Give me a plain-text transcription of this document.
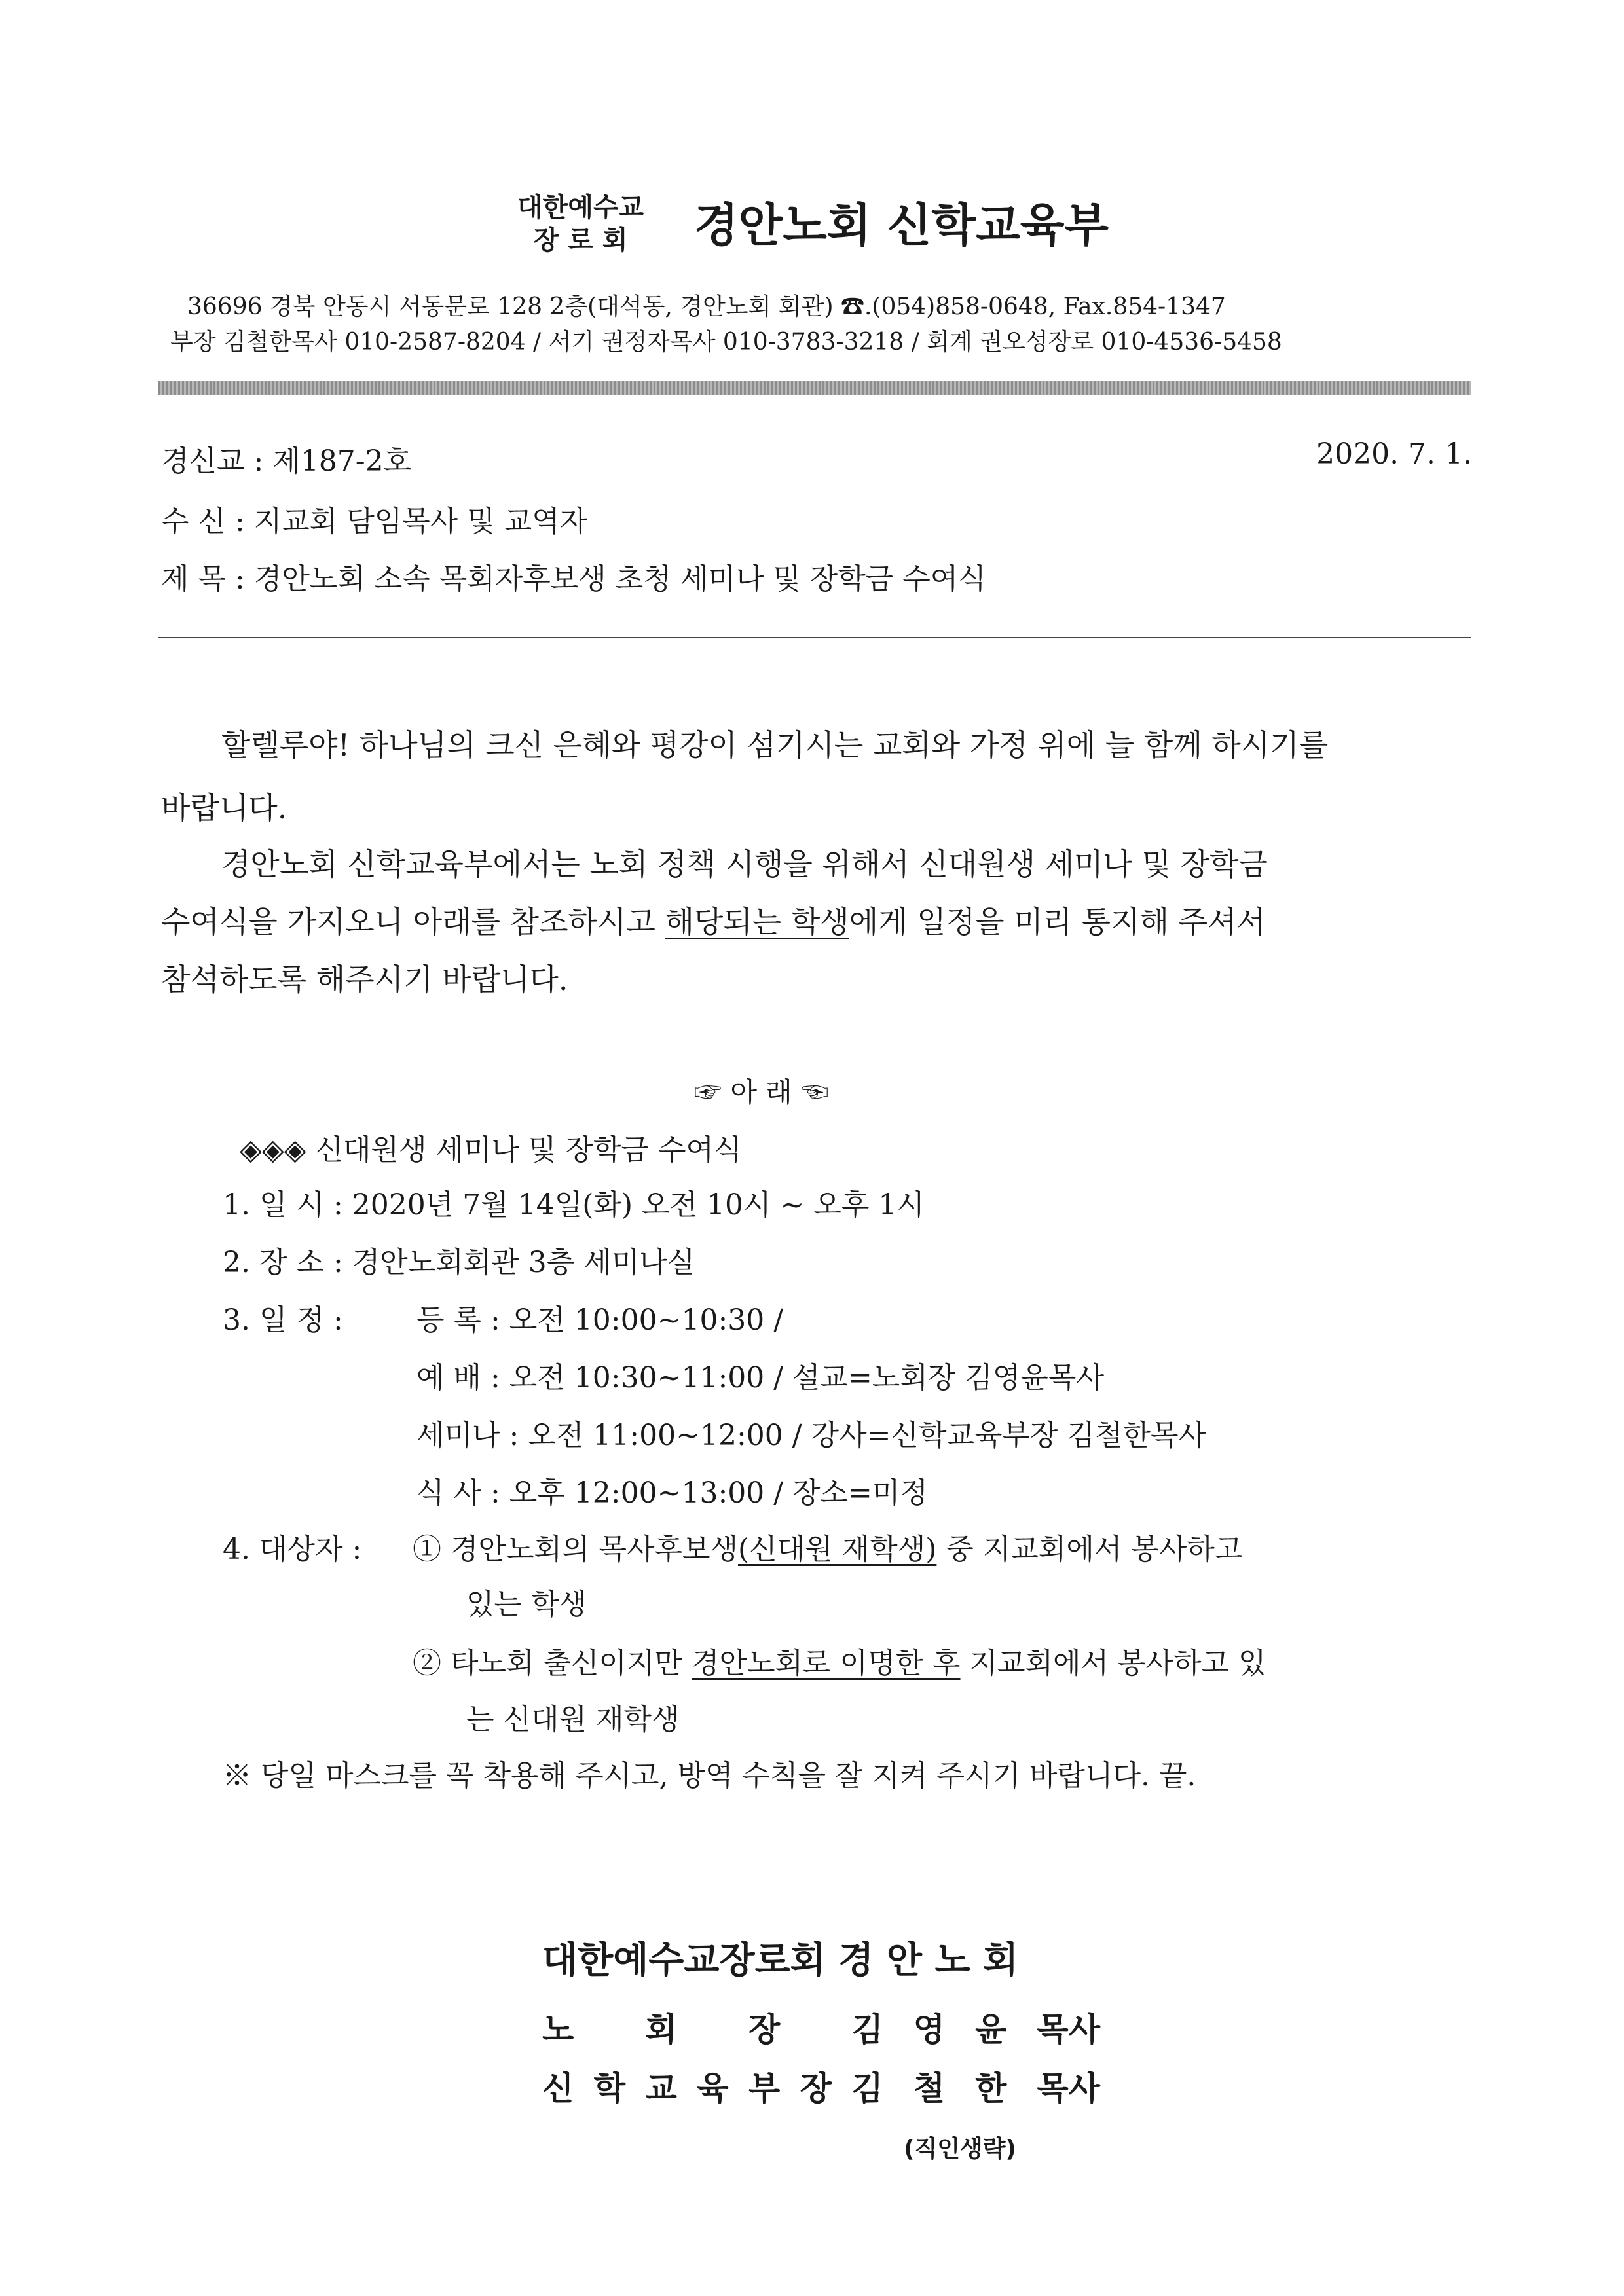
대한예수교
장 로 회	경안노회 신학교육부
36696 경북 안동시 서동문로 128 2층(대석동, 경안노회 회관) ☎.(054)858-0648, Fax.854-1347
부장 김철한목사 010-2587-8204 / 서기 권정자목사 010-3783-3218 / 회계 권오성장로 010-4536-5458
경신교 : 제187-2호	2020. 7. 1.
수 신 : 지교회 담임목사 및 교역자
제 목 : 경안노회 소속 목회자후보생 초청 세미나 및 장학금 수여식
할렐루야! 하나님의 크신 은혜와 평강이 섬기시는 교회와 가정 위에 늘 함께 하시기를
바랍니다.
경안노회 신학교육부에서는 노회 정책 시행을 위해서 신대원생 세미나 및 장학금
수여식을 가지오니 아래를 참조하시고 해당되는 학생에게 일정을 미리 통지해 주셔서
참석하도록 해주시기 바랍니다.
☞ 아 래 ☜
◈◈◈ 신대원생 세미나 및 장학금 수여식
1. 일 시 : 2020년 7월 14일(화) 오전 10시 ~ 오후 1시
2. 장 소 : 경안노회회관 3층 세미나실
3. 일 정 :	등 록 : 오전 10:00~10:30 /
예 배 : 오전 10:30~11:00 / 설교=노회장 김영윤목사
세미나 : 오전 11:00~12:00 / 강사=신학교육부장 김철한목사
식 사 : 오후 12:00~13:00 / 장소=미정
4. 대상자 : ① 경안노회의 목사후보생(신대원 재학생) 중 지교회에서 봉사하고
있는 학생
② 타노회 출신이지만 경안노회로 이명한 후 지교회에서 봉사하고 있
는 신대원 재학생
※ 당일 마스크를 꼭 착용해 주시고, 방역 수칙을 잘 지켜 주시기 바랍니다. 끝.
대한예수교장로회 경 안 노 회
노 회 장 김 영 윤 목사
신 학 교 육 부 장 김 철 한 목사
(직인생략)
